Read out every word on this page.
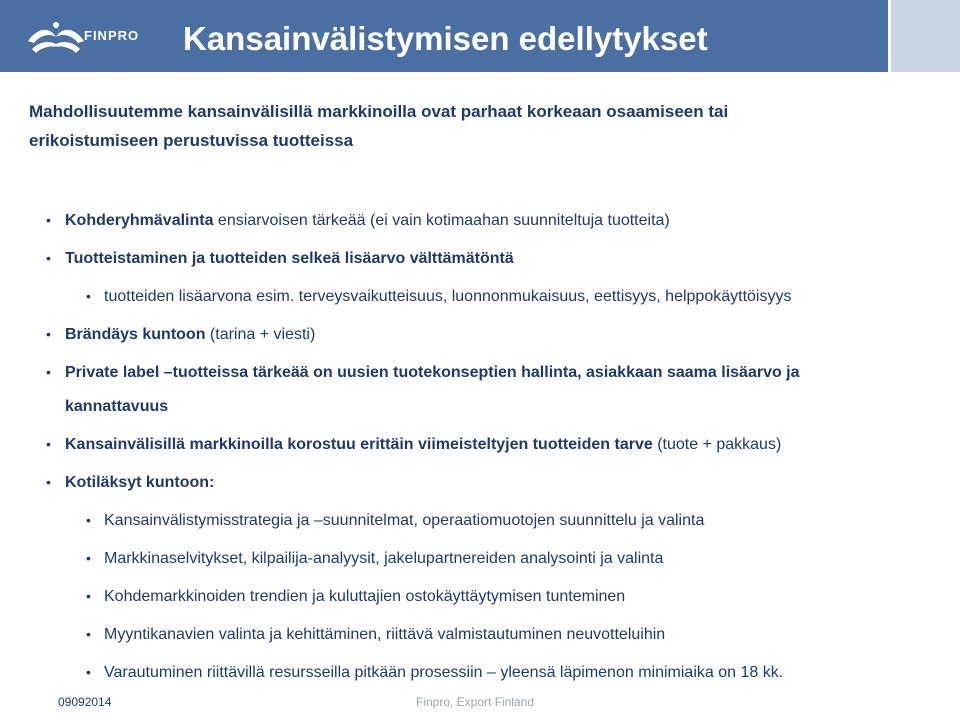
FINPRO Kansainvälistymisen edellytykset
Mahdollisuutemme kansainvälisillä markkinoilla ovat parhaat korkeaan osaamiseen tai
erikoistumiseen perustuvissa tuotteissa
• Kohderyhmävalinta ensiarvoisen tärkeää (ei vain kotimaahan suunniteltuja tuotteita)
• Tuotteistaminen ja tuotteiden selkeä lisäarvo välttämätöntä
• tuotteiden lisäarvona esim. terveysvaikutteisuus, luonnonmukaisuus, eettisyys, helppokäyttöisyys
• Brändäys kuntoon (tarina + viesti)
• Private label –tuotteissa tärkeää on uusien tuotekonseptien hallinta, asiakkaan saama lisäarvo ja
kannattavuus
• Kansainvälisillä markkinoilla korostuu erittäin viimeisteltyjen tuotteiden tarve (tuote + pakkaus)
• Kotiläksyt kuntoon:
• Kansainvälistymisstrategia ja –suunnitelmat, operaatiomuotojen suunnittelu ja valinta
• Markkinaselvitykset, kilpailija-analyysit, jakelupartnereiden analysointi ja valinta
• Kohdemarkkinoiden trendien ja kuluttajien ostokäyttäytymisen tunteminen
• Myyntikanavien valinta ja kehittäminen, riittävä valmistautuminen neuvotteluihin
• Varautuminen riittävillä resursseilla pitkään prosessiin – yleensä läpimenon minimiaika on 18 kk.
09092014	Finpro, Export Finland
